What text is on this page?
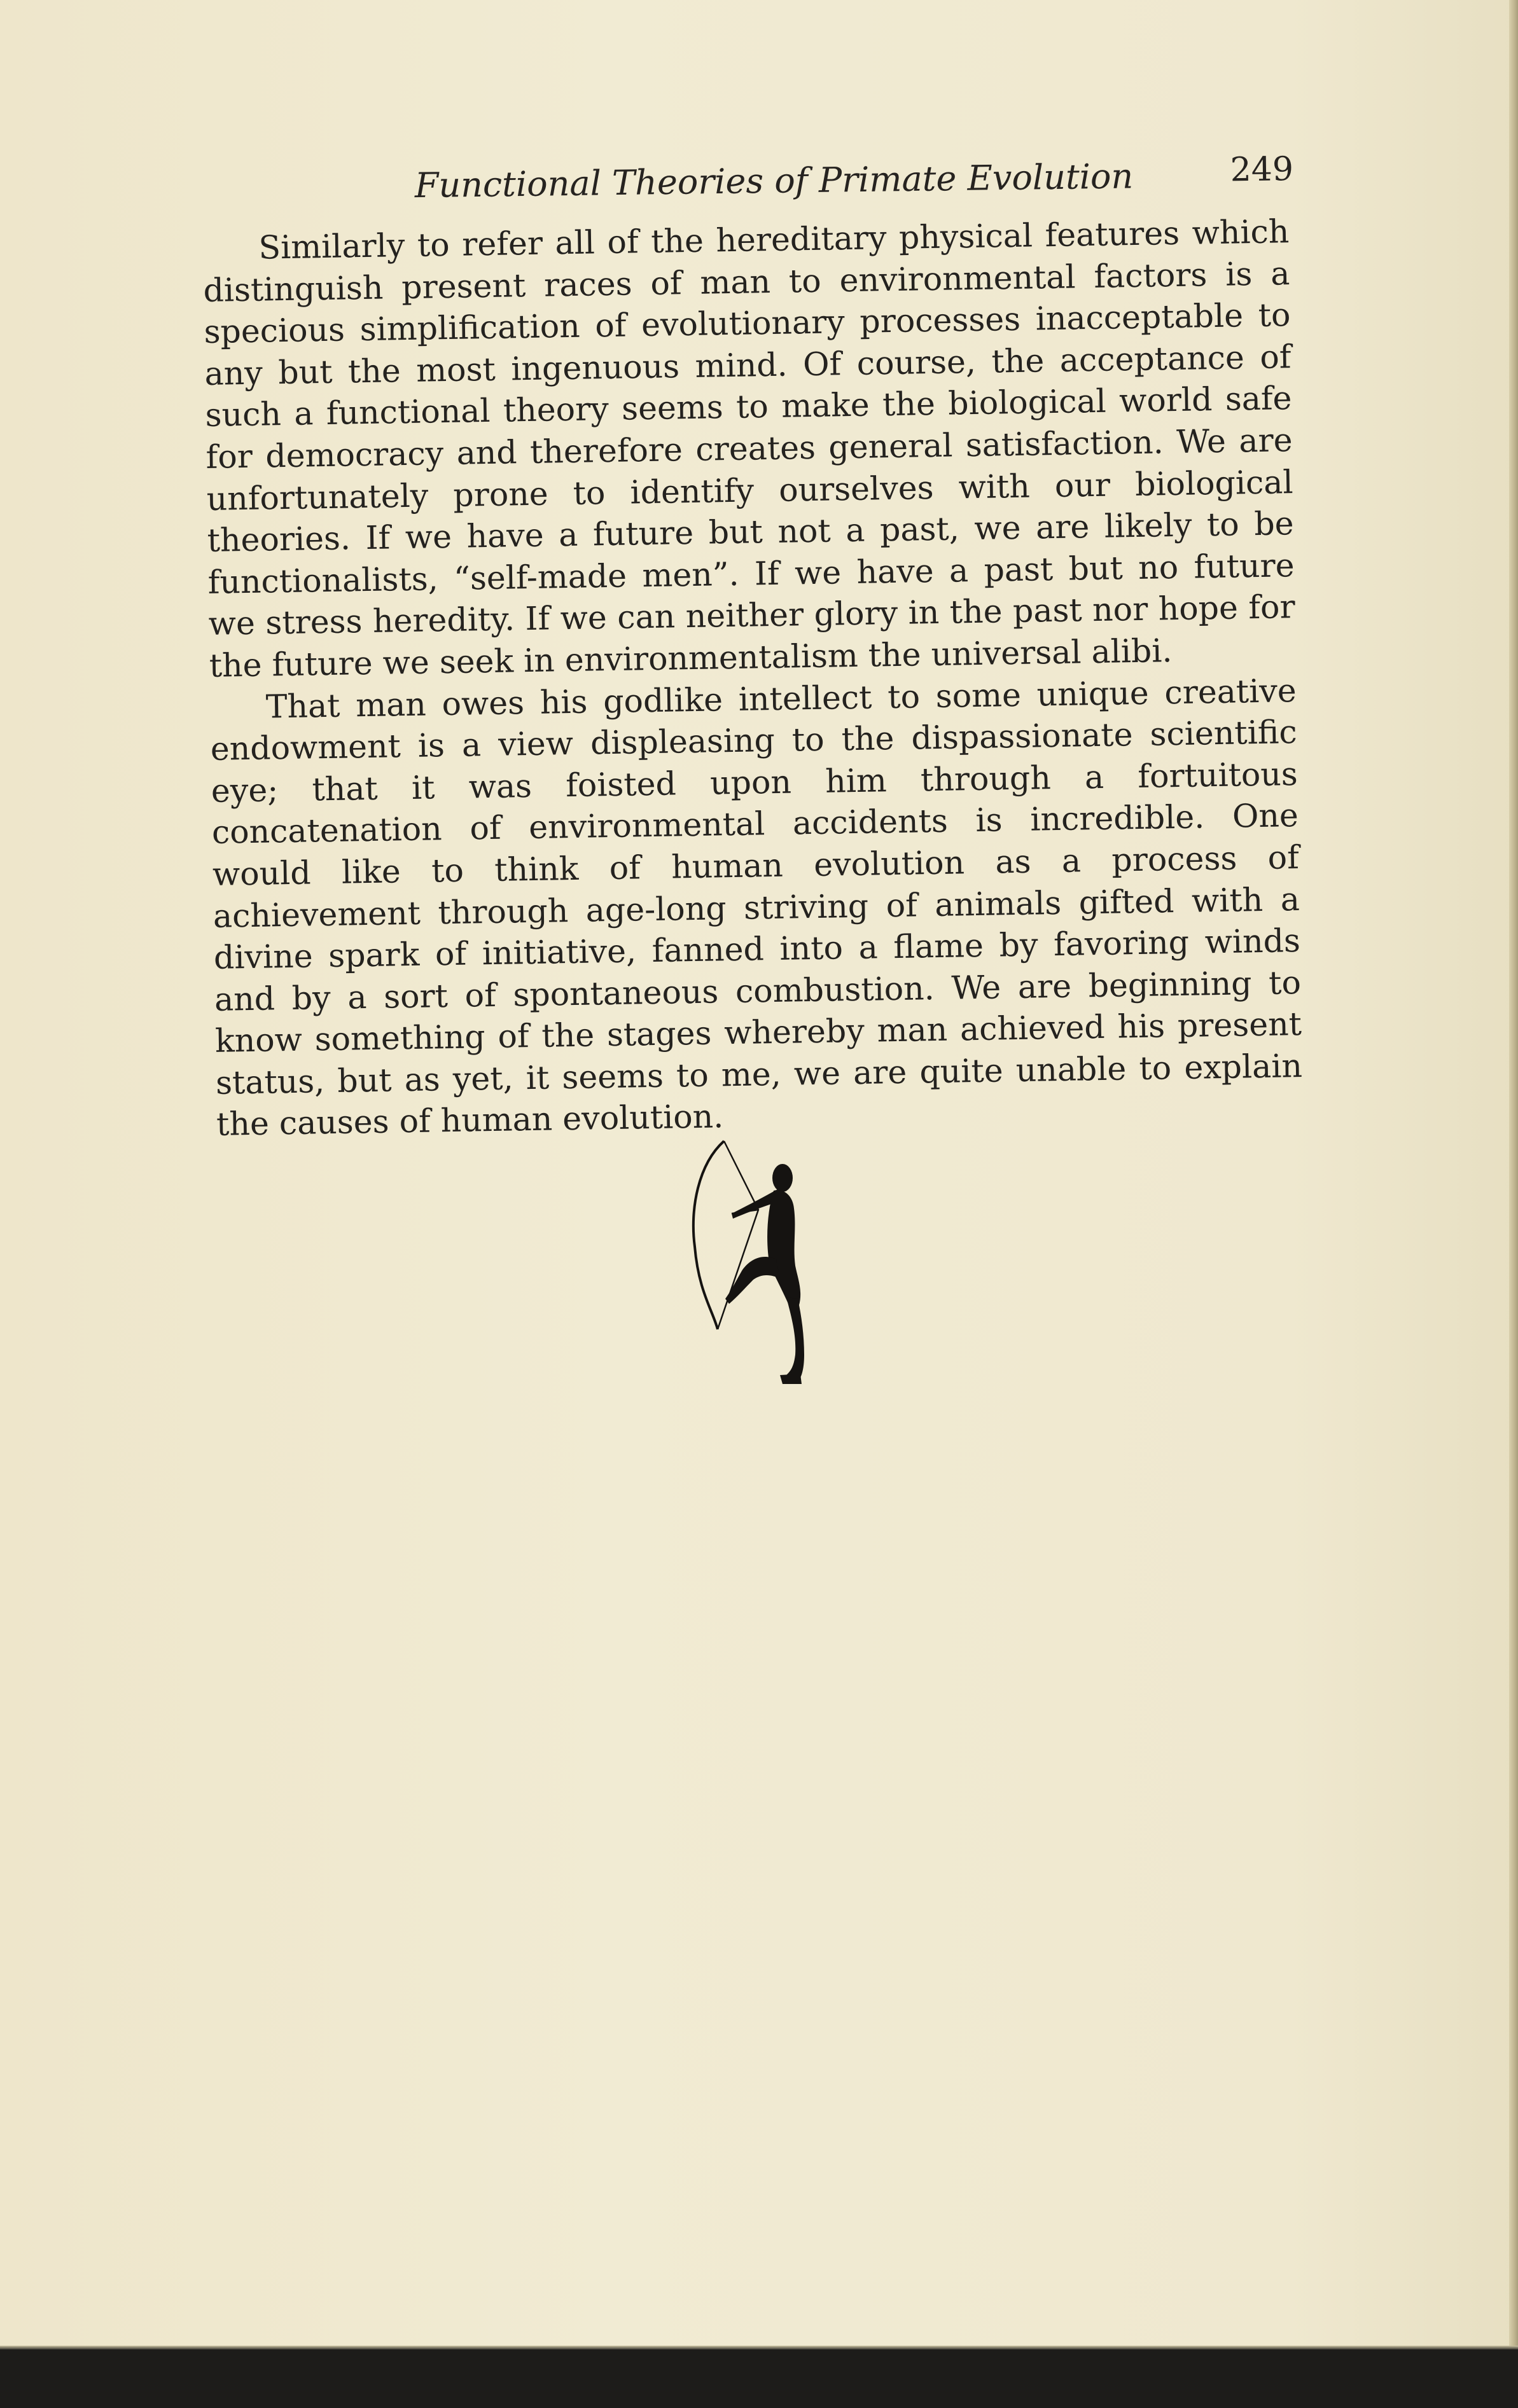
Functional Theories of Primate Evolution	249

Similarly to refer all of the hereditary physical features which distinguish present races of man to environmental factors is a specious simplification of evolutionary processes inacceptable to any but the most ingenuous mind. Of course, the acceptance of such a functional theory seems to make the biological world safe for democracy and therefore creates general satisfaction. We are unfortunately prone to identify ourselves with our biological theories. If we have a future but not a past, we are likely to be functionalists, “self-made men”. If we have a past but no future we stress heredity. If we can neither glory in the past nor hope for the future we seek in environmentalism the universal alibi.

That man owes his godlike intellect to some unique creative endowment is a view displeasing to the dispassionate scientific eye; that it was foisted upon him through a fortuitous concatenation of environmental accidents is incredible. One would like to think of human evolution as a process of achievement through age-long striving of animals gifted with a divine spark of initiative, fanned into a flame by favoring winds and by a sort of spontaneous combustion. We are beginning to know something of the stages whereby man achieved his present status, but as yet, it seems to me, we are quite unable to explain the causes of human evolution.
